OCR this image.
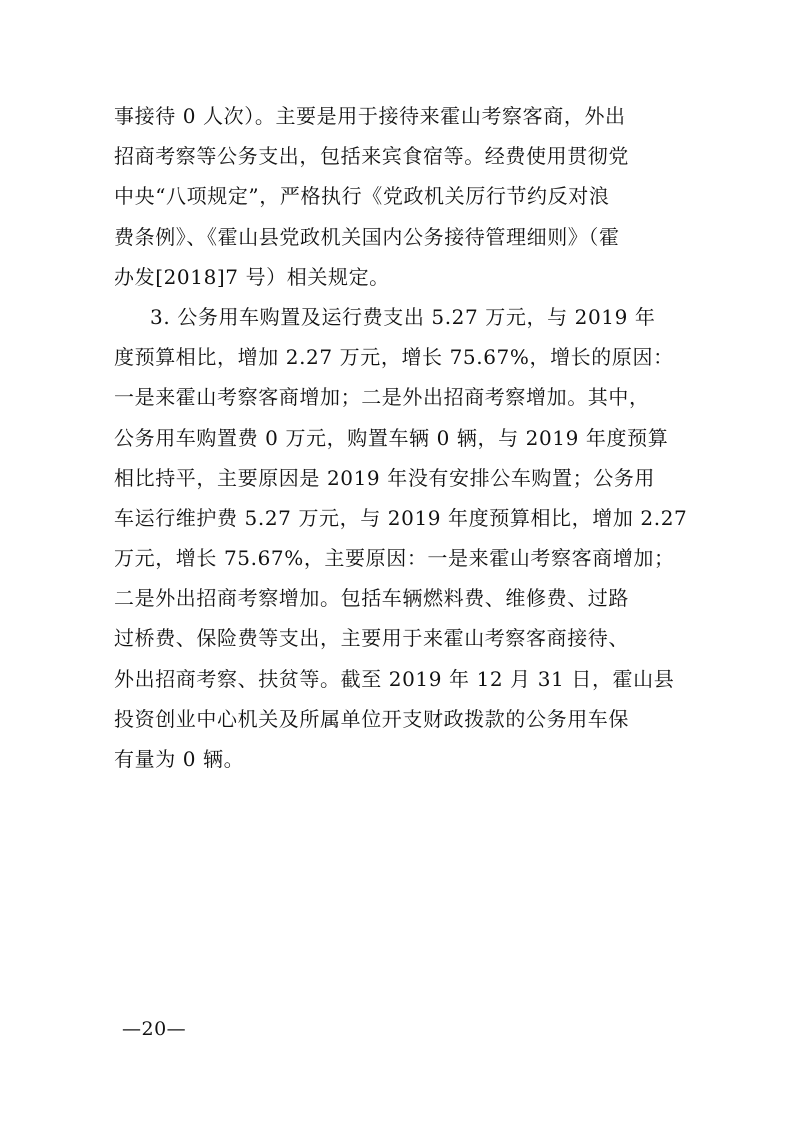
事接待 0 人次）。主要是用于接待来霍山考察客商，外出
招商考察等公务支出，包括来宾食宿等。经费使用贯彻党
中央“八项规定”，严格执行《党政机关厉行节约反对浪
费条例》、《霍山县党政机关国内公务接待管理细则》（霍
办发[2018]7 号）相关规定。
3. 公务用车购置及运行费支出 5.27 万元，与 2019 年
度预算相比，增加 2.27 万元，增长 75.67%，增长的原因：
一是来霍山考察客商增加；二是外出招商考察增加。其中，
公务用车购置费 0 万元，购置车辆 0 辆，与 2019 年度预算
相比持平，主要原因是 2019 年没有安排公车购置；公务用
车运行维护费 5.27 万元，与 2019 年度预算相比，增加 2.27
万元，增长 75.67%，主要原因：一是来霍山考察客商增加；
二是外出招商考察增加。包括车辆燃料费、维修费、过路
过桥费、保险费等支出，主要用于来霍山考察客商接待、
外出招商考察、扶贫等。截至 2019 年 12 月 31 日，霍山县
投资创业中心机关及所属单位开支财政拨款的公务用车保
有量为 0 辆。
—20—
